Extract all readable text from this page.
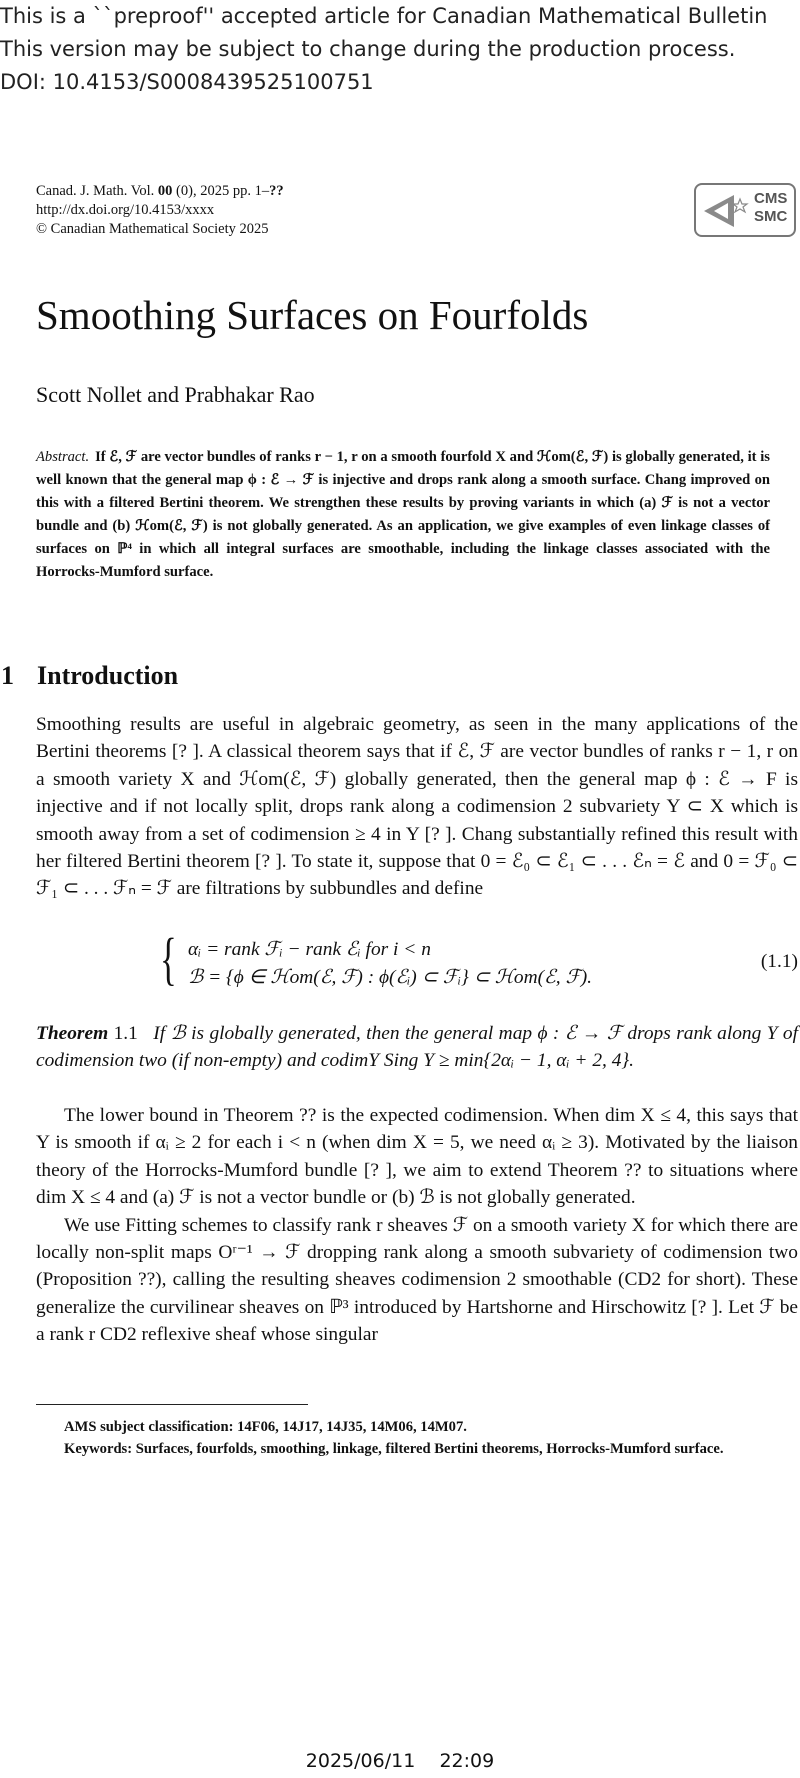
This is a ``preproof'' accepted article for Canadian Mathematical Bulletin
This version may be subject to change during the production process.
DOI: 10.4153/S0008439525100751
Canad. J. Math. Vol. 00 (0), 2025 pp. 1–??
http://dx.doi.org/10.4153/xxxx
© Canadian Mathematical Society 2025
CMS
SMC
Smoothing Surfaces on Fourfolds
Scott Nollet and Prabhakar Rao
Abstract. If ℰ, ℱ are vector bundles of ranks r − 1, r on a smooth fourfold X and ℋom(ℰ, ℱ) is globally generated, it is well known that the general map ϕ : ℰ → ℱ is injective and drops rank along a smooth surface. Chang improved on this with a filtered Bertini theorem. We strengthen these results by proving variants in which (a) ℱ is not a vector bundle and (b) ℋom(ℰ, ℱ) is not globally generated. As an application, we give examples of even linkage classes of surfaces on ℙ⁴ in which all integral surfaces are smoothable, including the linkage classes associated with the Horrocks-Mumford surface.
1 Introduction
Smoothing results are useful in algebraic geometry, as seen in the many applications of the Bertini theorems [? ]. A classical theorem says that if ℰ, ℱ are vector bundles of ranks r − 1, r on a smooth variety X and ℋom(ℰ, ℱ) globally generated, then the general map ϕ : ℰ → F is injective and if not locally split, drops rank along a codimension 2 subvariety Y ⊂ X which is smooth away from a set of codimension ≥ 4 in Y [? ]. Chang substantially refined this result with her filtered Bertini theorem [? ]. To state it, suppose that 0 = ℰ₀ ⊂ ℰ₁ ⊂ . . . ℰₙ = ℰ and 0 = ℱ₀ ⊂ ℱ₁ ⊂ . . . ℱₙ = ℱ are filtrations by subbundles and define
{ αᵢ = rank ℱᵢ − rank ℰᵢ for i < n
ℬ = {ϕ ∈ ℋom(ℰ, ℱ) : ϕ(ℰᵢ) ⊂ ℱᵢ} ⊂ ℋom(ℰ, ℱ).
(1.1)
Theorem 1.1 If ℬ is globally generated, then the general map ϕ : ℰ → ℱ drops rank along Y of codimension two (if non-empty) and codimY Sing Y ≥ min{2αᵢ − 1, αᵢ + 2, 4}.
The lower bound in Theorem ?? is the expected codimension. When dim X ≤ 4, this says that Y is smooth if αᵢ ≥ 2 for each i < n (when dim X = 5, we need αᵢ ≥ 3). Motivated by the liaison theory of the Horrocks-Mumford bundle [? ], we aim to extend Theorem ?? to situations where dim X ≤ 4 and (a) ℱ is not a vector bundle or (b) ℬ is not globally generated.
We use Fitting schemes to classify rank r sheaves ℱ on a smooth variety X for which there are locally non-split maps Oʳ⁻¹ → ℱ dropping rank along a smooth subvariety of codimension two (Proposition ??), calling the resulting sheaves codimension 2 smoothable (CD2 for short). These generalize the curvilinear sheaves on ℙ³ introduced by Hartshorne and Hirschowitz [? ]. Let ℱ be a rank r CD2 reflexive sheaf whose singular
AMS subject classification: 14F06, 14J17, 14J35, 14M06, 14M07.
Keywords: Surfaces, fourfolds, smoothing, linkage, filtered Bertini theorems, Horrocks-Mumford surface.
2025/06/11    22:09
